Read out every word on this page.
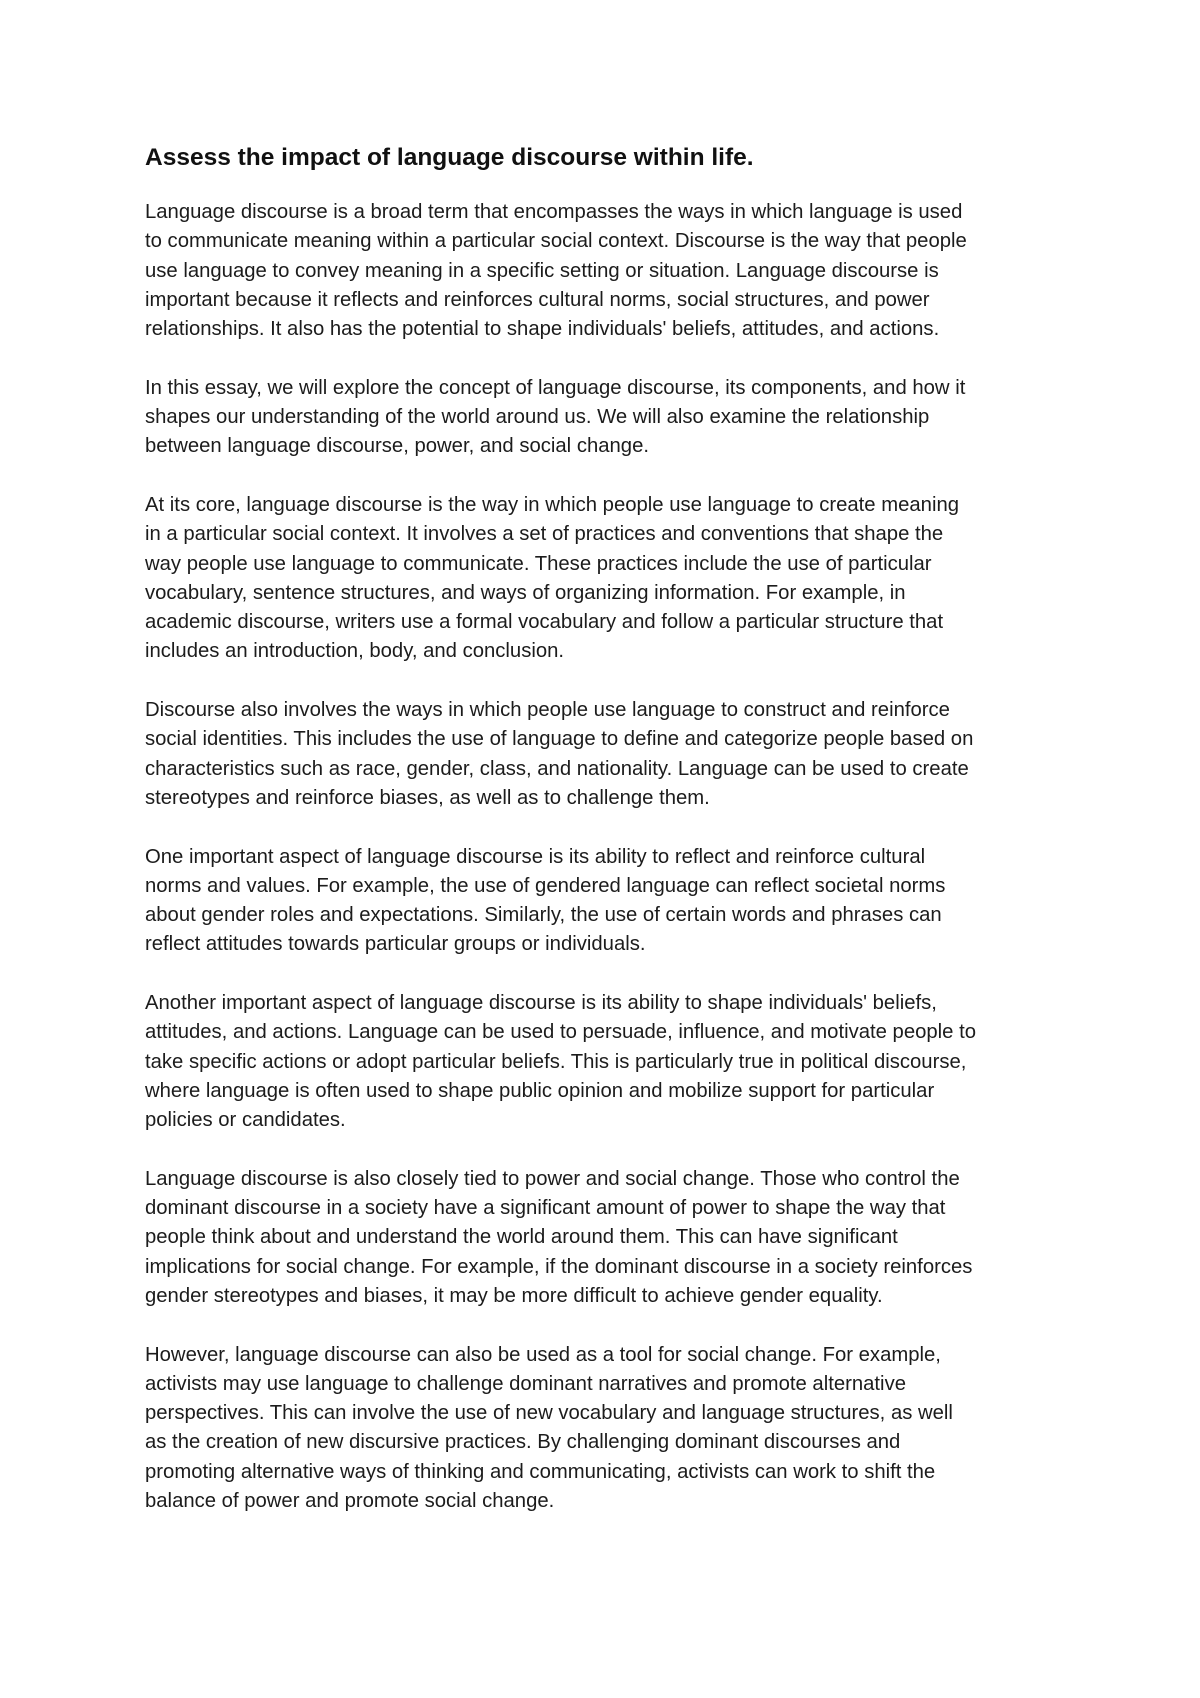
Assess the impact of language discourse within life.
Language discourse is a broad term that encompasses the ways in which language is used
to communicate meaning within a particular social context. Discourse is the way that people
use language to convey meaning in a specific setting or situation. Language discourse is
important because it reflects and reinforces cultural norms, social structures, and power
relationships. It also has the potential to shape individuals' beliefs, attitudes, and actions.
In this essay, we will explore the concept of language discourse, its components, and how it
shapes our understanding of the world around us. We will also examine the relationship
between language discourse, power, and social change.
At its core, language discourse is the way in which people use language to create meaning
in a particular social context. It involves a set of practices and conventions that shape the
way people use language to communicate. These practices include the use of particular
vocabulary, sentence structures, and ways of organizing information. For example, in
academic discourse, writers use a formal vocabulary and follow a particular structure that
includes an introduction, body, and conclusion.
Discourse also involves the ways in which people use language to construct and reinforce
social identities. This includes the use of language to define and categorize people based on
characteristics such as race, gender, class, and nationality. Language can be used to create
stereotypes and reinforce biases, as well as to challenge them.
One important aspect of language discourse is its ability to reflect and reinforce cultural
norms and values. For example, the use of gendered language can reflect societal norms
about gender roles and expectations. Similarly, the use of certain words and phrases can
reflect attitudes towards particular groups or individuals.
Another important aspect of language discourse is its ability to shape individuals' beliefs,
attitudes, and actions. Language can be used to persuade, influence, and motivate people to
take specific actions or adopt particular beliefs. This is particularly true in political discourse,
where language is often used to shape public opinion and mobilize support for particular
policies or candidates.
Language discourse is also closely tied to power and social change. Those who control the
dominant discourse in a society have a significant amount of power to shape the way that
people think about and understand the world around them. This can have significant
implications for social change. For example, if the dominant discourse in a society reinforces
gender stereotypes and biases, it may be more difficult to achieve gender equality.
However, language discourse can also be used as a tool for social change. For example,
activists may use language to challenge dominant narratives and promote alternative
perspectives. This can involve the use of new vocabulary and language structures, as well
as the creation of new discursive practices. By challenging dominant discourses and
promoting alternative ways of thinking and communicating, activists can work to shift the
balance of power and promote social change.
